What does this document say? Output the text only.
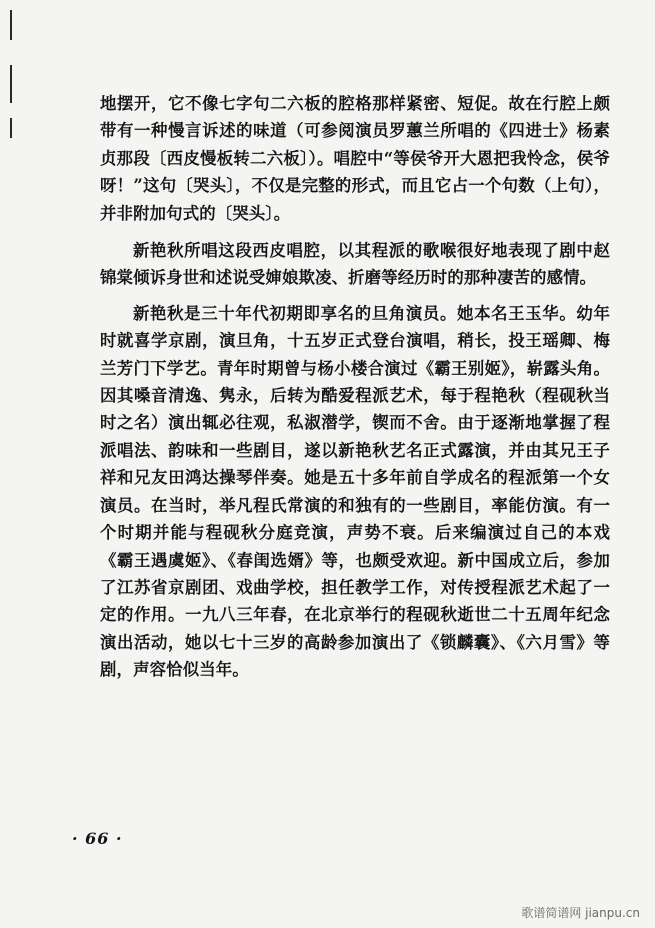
地摆开，它不像七字句二六板的腔格那样紧密、短促。故在行腔上颇带有一种慢言诉述的味道（可参阅演员罗蕙兰所唱的《四进士》杨素贞那段〔西皮慢板转二六板〕）。唱腔中“等侯爷开大恩把我怜念，侯爷呀！”这句〔哭头〕，不仅是完整的形式，而且它占一个句数（上句），并非附加句式的〔哭头〕。

新艳秋所唱这段西皮唱腔，以其程派的歌喉很好地表现了剧中赵锦棠倾诉身世和述说受婶娘欺凌、折磨等经历时的那种凄苦的感情。

新艳秋是三十年代初期即享名的旦角演员。她本名王玉华。幼年时就喜学京剧，演旦角，十五岁正式登台演唱，稍长，投王瑶卿、梅兰芳门下学艺。青年时期曾与杨小楼合演过《霸王别姬》，崭露头角。因其嗓音清逸、隽永，后转为酷爱程派艺术，每于程艳秋（程砚秋当时之名）演出辄必往观，私淑潜学，锲而不舍。由于逐渐地掌握了程派唱法、韵味和一些剧目，遂以新艳秋艺名正式露演，并由其兄王子祥和兄友田鸿达操琴伴奏。她是五十多年前自学成名的程派第一个女演员。在当时，举凡程氏常演的和独有的一些剧目，率能仿演。有一个时期并能与程砚秋分庭竞演，声势不衰。后来编演过自己的本戏《霸王遇虞姬》、《春闺选婿》等，也颇受欢迎。新中国成立后，参加了江苏省京剧团、戏曲学校，担任教学工作，对传授程派艺术起了一定的作用。一九八三年春，在北京举行的程砚秋逝世二十五周年纪念演出活动，她以七十三岁的高龄参加演出了《锁麟囊》、《六月雪》等剧，声容恰似当年。

· 66 ·
歌谱简谱网 jianpu.cn
